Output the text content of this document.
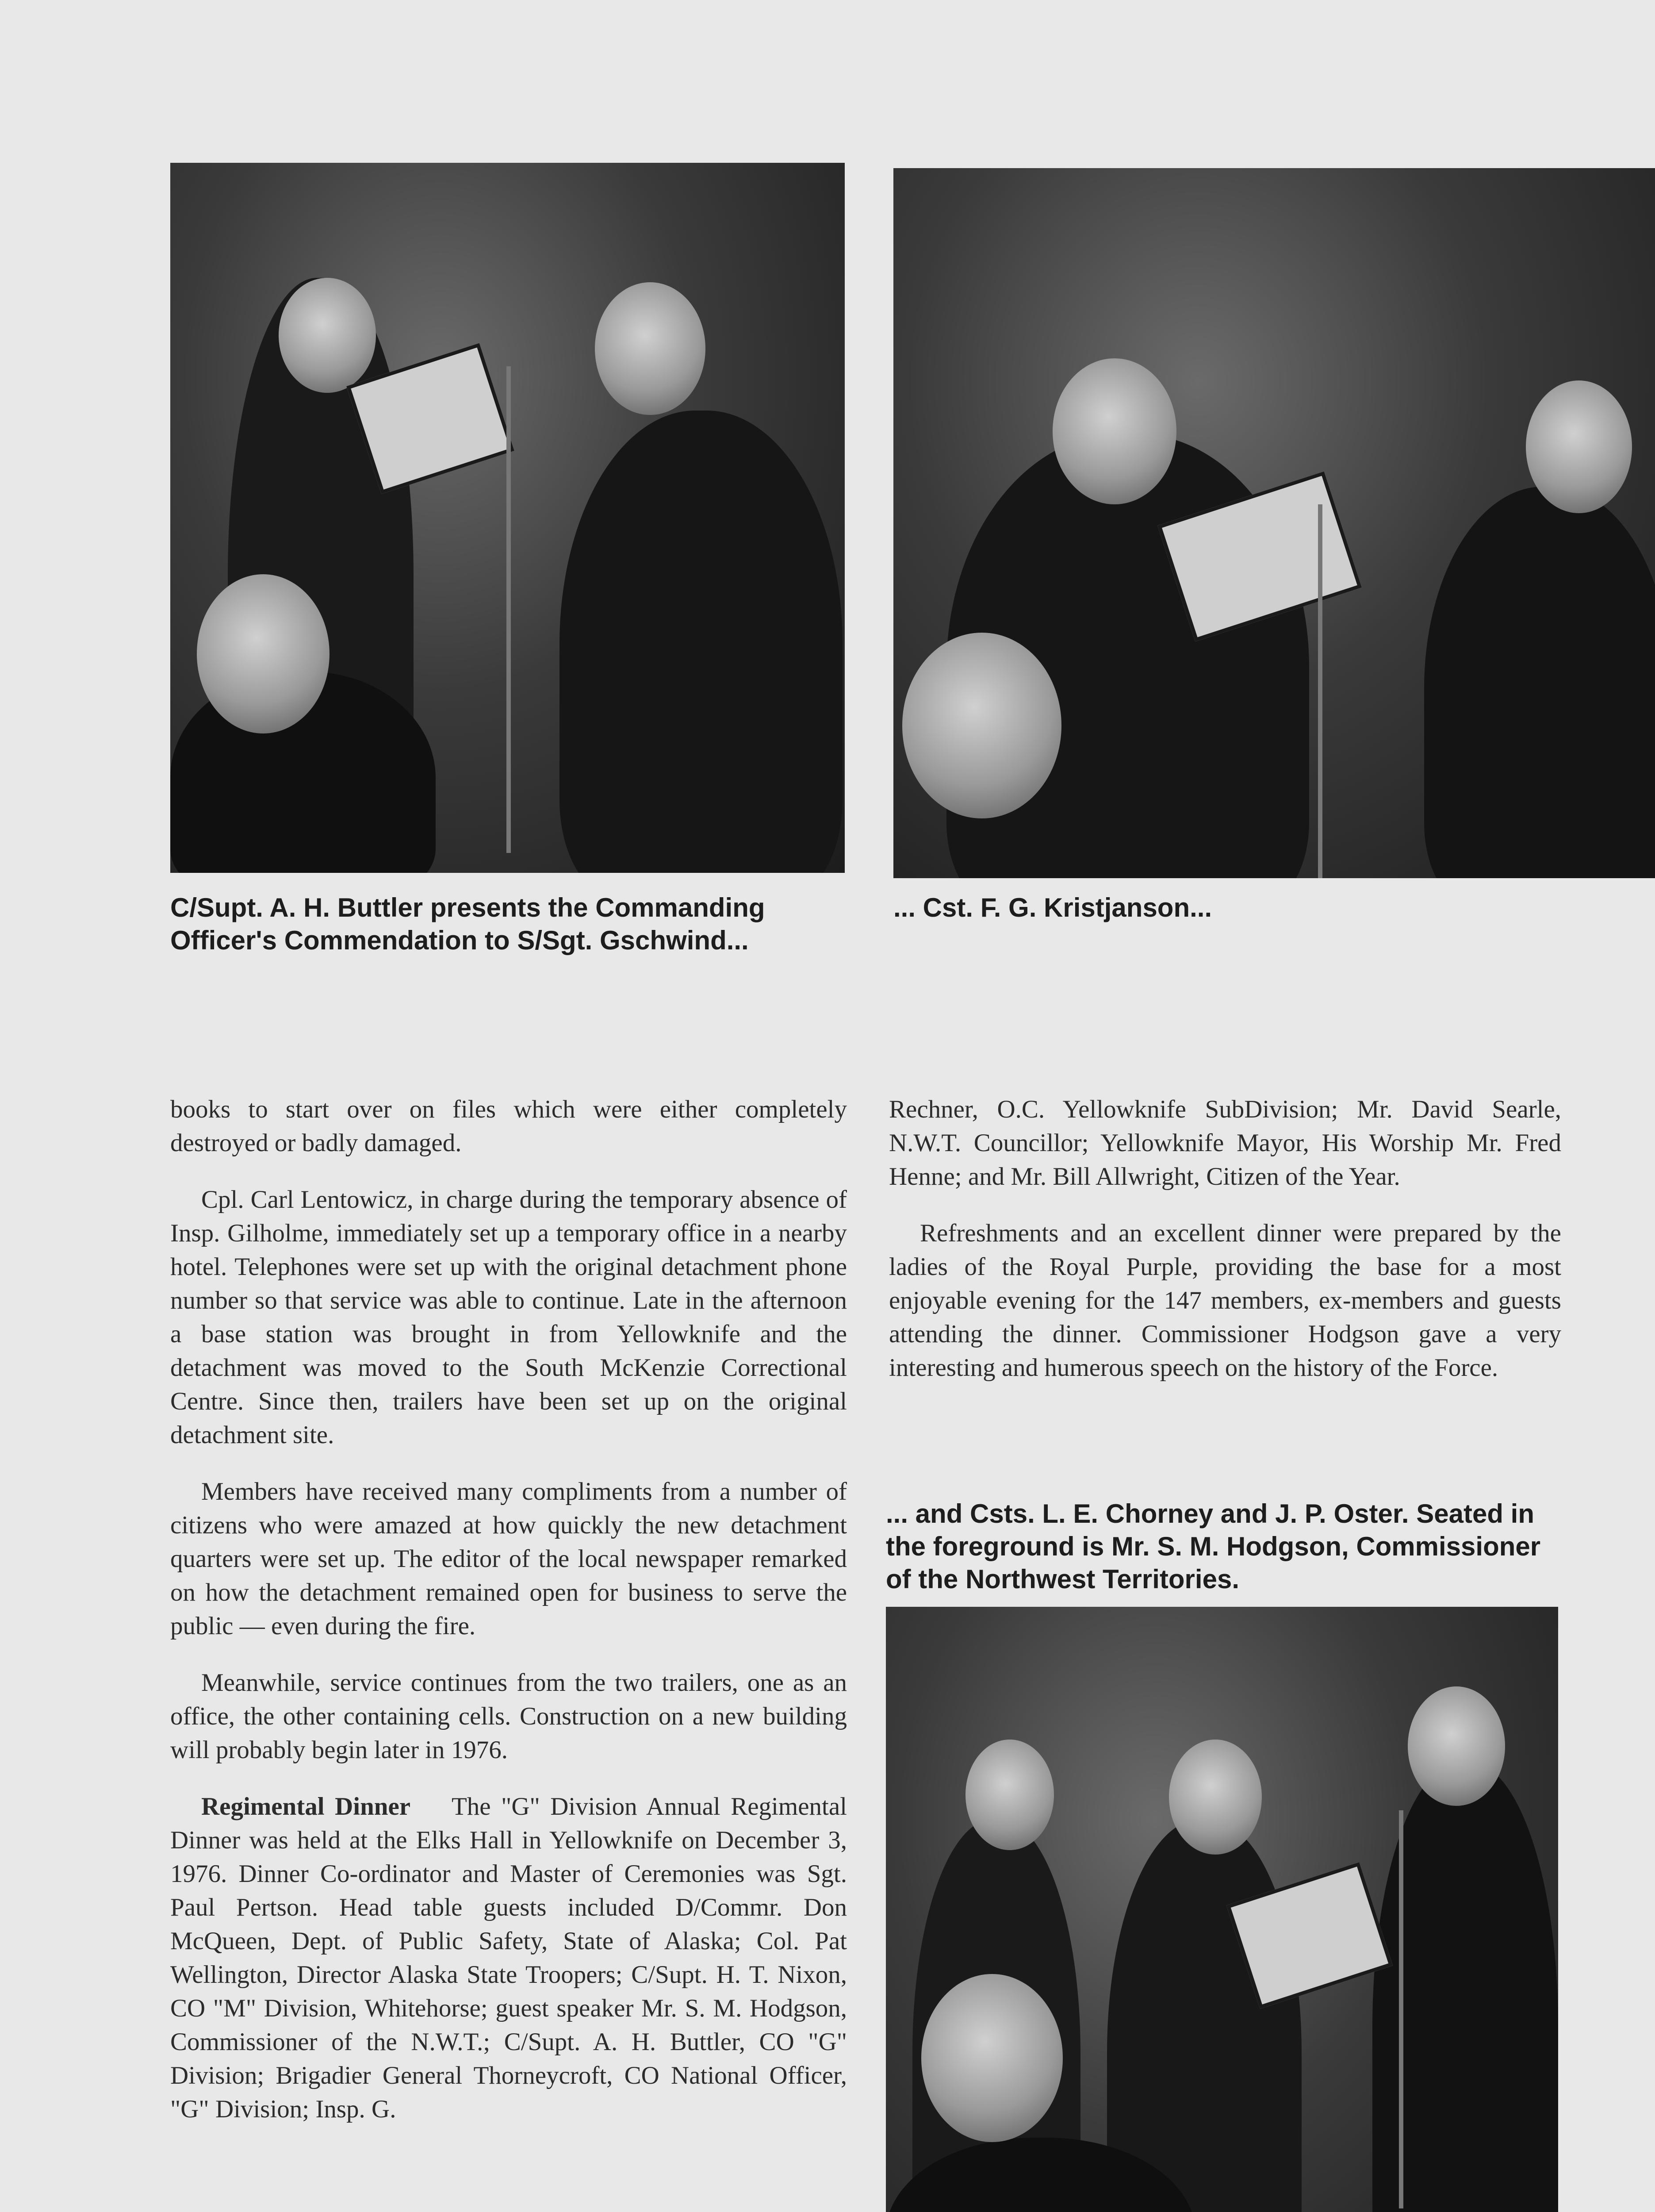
C/Supt. A. H. Buttler presents the Commanding Officer's Commendation to S/Sgt. Gschwind...

... Cst. F. G. Kristjanson...

books to start over on files which were either completely destroyed or badly damaged.

Cpl. Carl Lentowicz, in charge during the temporary absence of Insp. Gilholme, immediately set up a temporary office in a nearby hotel. Telephones were set up with the original detachment phone number so that service was able to continue. Late in the afternoon a base station was brought in from Yellowknife and the detachment was moved to the South McKenzie Correctional Centre. Since then, trailers have been set up on the original detachment site.

Members have received many compliments from a number of citizens who were amazed at how quickly the new detachment quarters were set up. The editor of the local newspaper remarked on how the detachment remained open for business to serve the public — even during the fire.

Meanwhile, service continues from the two trailers, one as an office, the other containing cells. Construction on a new building will probably begin later in 1976.

Regimental Dinner The "G" Division Annual Regimental Dinner was held at the Elks Hall in Yellowknife on December 3, 1976. Dinner Co-ordinator and Master of Ceremonies was Sgt. Paul Pertson. Head table guests included D/Commr. Don McQueen, Dept. of Public Safety, State of Alaska; Col. Pat Wellington, Director Alaska State Troopers; C/Supt. H. T. Nixon, CO "M" Division, Whitehorse; guest speaker Mr. S. M. Hodgson, Commissioner of the N.W.T.; C/Supt. A. H. Buttler, CO "G" Division; Brigadier General Thorneycroft, CO National Officer, "G" Division; Insp. G.

Rechner, O.C. Yellowknife SubDivision; Mr. David Searle, N.W.T. Councillor; Yellowknife Mayor, His Worship Mr. Fred Henne; and Mr. Bill Allwright, Citizen of the Year.

Refreshments and an excellent dinner were prepared by the ladies of the Royal Purple, providing the base for a most enjoyable evening for the 147 members, ex-members and guests attending the dinner. Commissioner Hodgson gave a very interesting and humerous speech on the history of the Force.

... and Csts. L. E. Chorney and J. P. Oster. Seated in the foreground is Mr. S. M. Hodgson, Commissioner of the Northwest Territories.
